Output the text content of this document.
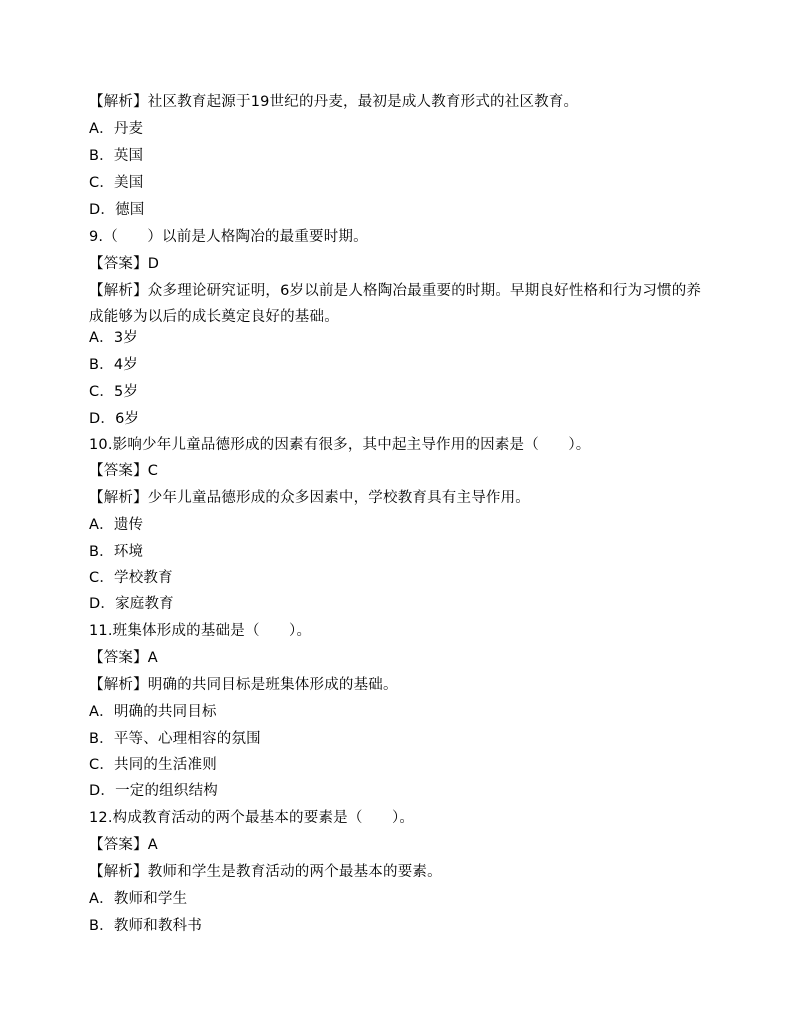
【解析】社区教育起源于19世纪的丹麦，最初是成人教育形式的社区教育。
A．丹麦
B．英国
C．美国
D．德国
9.（　　）以前是人格陶冶的最重要时期。
【答案】D
【解析】众多理论研究证明，6岁以前是人格陶冶最重要的时期。早期良好性格和行为习惯的养成能够为以后的成长奠定良好的基础。
A．3岁
B．4岁
C．5岁
D．6岁
10.影响少年儿童品德形成的因素有很多，其中起主导作用的因素是（　　）。
【答案】C
【解析】少年儿童品德形成的众多因素中，学校教育具有主导作用。
A．遗传
B．环境
C．学校教育
D．家庭教育
11.班集体形成的基础是（　　）。
【答案】A
【解析】明确的共同目标是班集体形成的基础。
A．明确的共同目标
B．平等、心理相容的氛围
C．共同的生活准则
D．一定的组织结构
12.构成教育活动的两个最基本的要素是（　　）。
【答案】A
【解析】教师和学生是教育活动的两个最基本的要素。
A．教师和学生
B．教师和教科书
